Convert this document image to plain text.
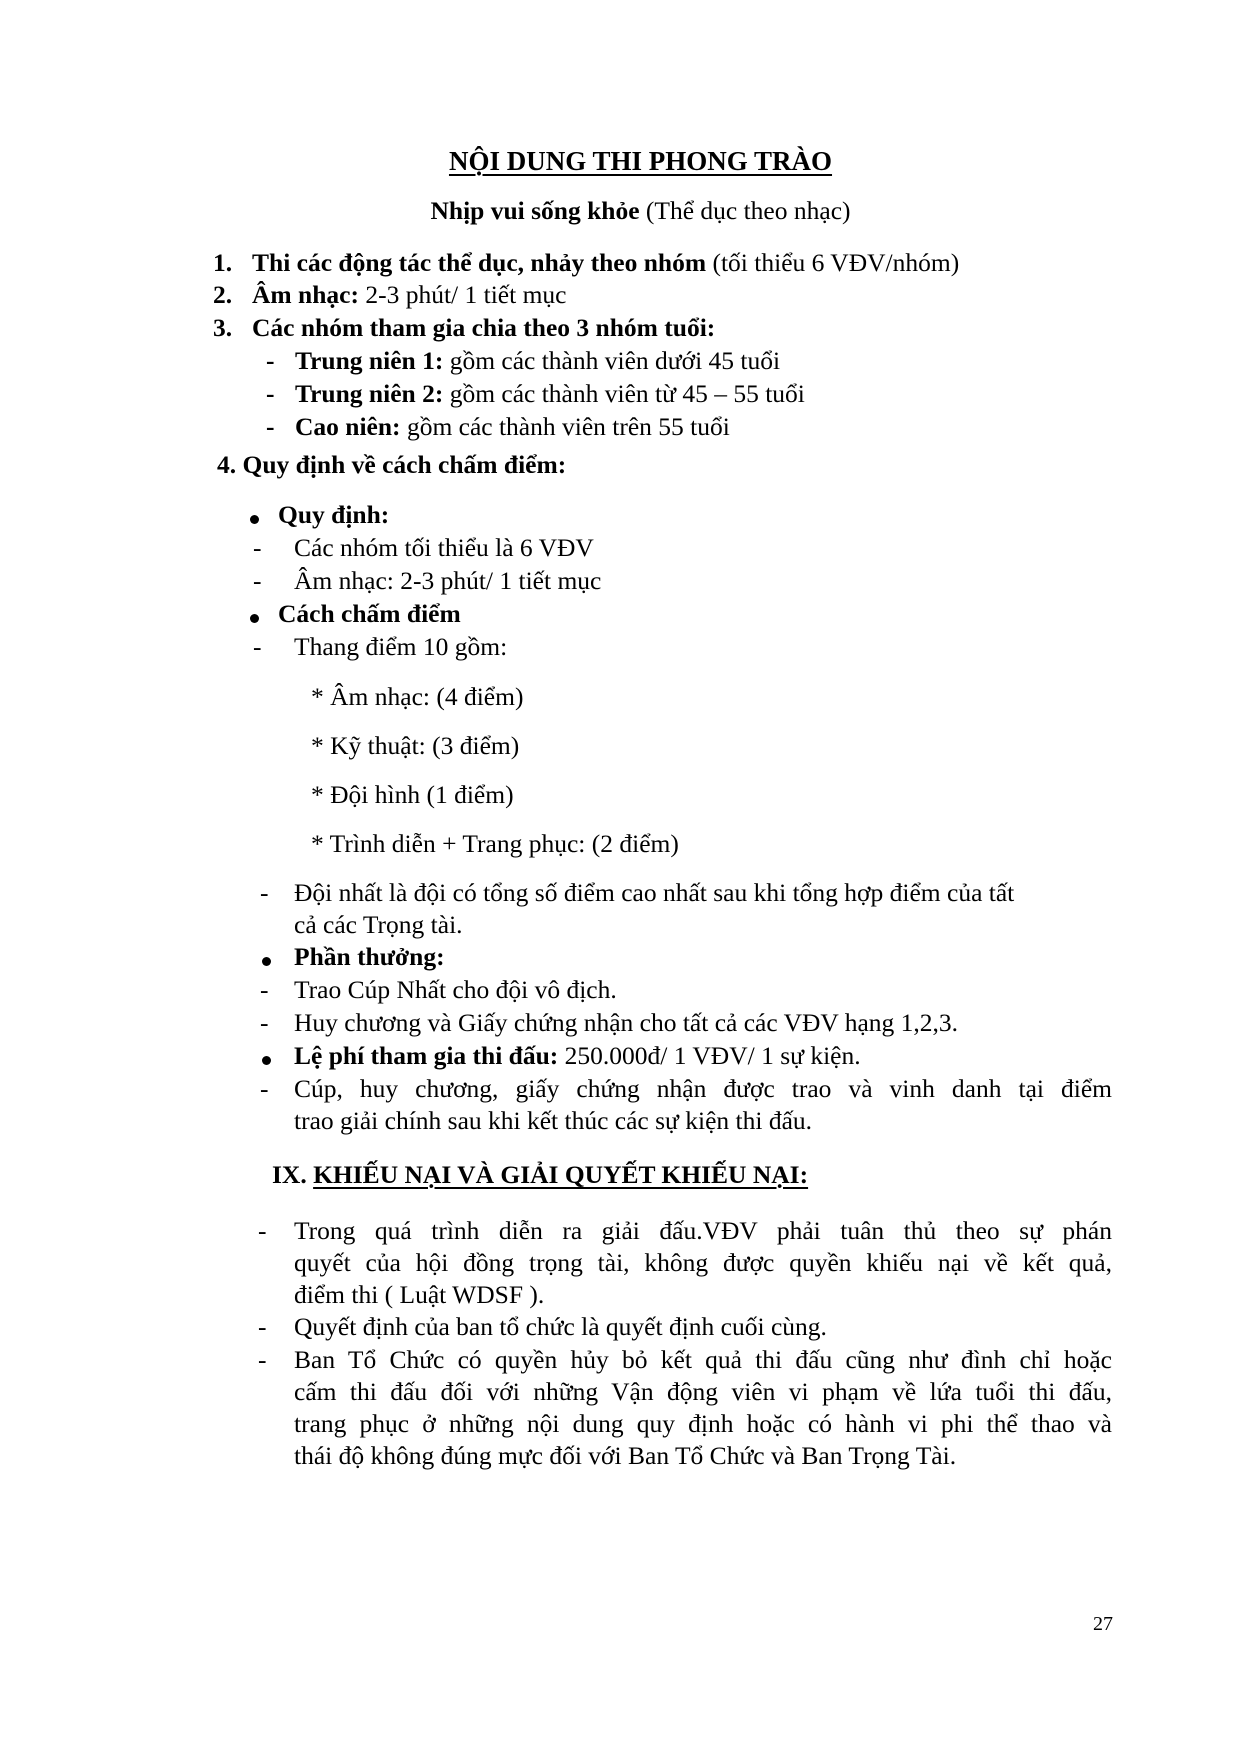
NỘI DUNG THI PHONG TRÀO
Nhịp vui sống khỏe (Thể dục theo nhạc)
1. Thi các động tác thể dục, nhảy theo nhóm (tối thiểu 6 VĐV/nhóm)
2. Âm nhạc: 2-3 phút/ 1 tiết mục
3. Các nhóm tham gia chia theo 3 nhóm tuổi:
- Trung niên 1: gồm các thành viên dưới 45 tuổi
- Trung niên 2: gồm các thành viên từ 45 – 55 tuổi
- Cao niên: gồm các thành viên trên 55 tuổi
4. Quy định về cách chấm điểm:
Quy định:
- Các nhóm tối thiểu là 6 VĐV
- Âm nhạc: 2-3 phút/ 1 tiết mục
Cách chấm điểm
- Thang điểm 10 gồm:
* Âm nhạc: (4 điểm)
* Kỹ thuật: (3 điểm)
* Đội hình (1 điểm)
* Trình diễn + Trang phục: (2 điểm)
- Đội nhất là đội có tổng số điểm cao nhất sau khi tổng hợp điểm của tất
cả các Trọng tài.
Phần thưởng:
- Trao Cúp Nhất cho đội vô địch.
- Huy chương và Giấy chứng nhận cho tất cả các VĐV hạng 1,2,3.
Lệ phí tham gia thi đấu: 250.000đ/ 1 VĐV/ 1 sự kiện.
- Cúp, huy chương, giấy chứng nhận được trao và vinh danh tại điểm
trao giải chính sau khi kết thúc các sự kiện thi đấu.
IX. KHIẾU NẠI VÀ GIẢI QUYẾT KHIẾU NẠI:
- Trong quá trình diễn ra giải đấu.VĐV phải tuân thủ theo sự phán
quyết của hội đồng trọng tài, không được quyền khiếu nại về kết quả,
điểm thi ( Luật WDSF ).
- Quyết định của ban tổ chức là quyết định cuối cùng.
- Ban Tổ Chức có quyền hủy bỏ kết quả thi đấu cũng như đình chỉ hoặc
cấm thi đấu đối với những Vận động viên vi phạm về lứa tuổi thi đấu,
trang phục ở những nội dung quy định hoặc có hành vi phi thể thao và
thái độ không đúng mực đối với Ban Tổ Chức và Ban Trọng Tài.
27
